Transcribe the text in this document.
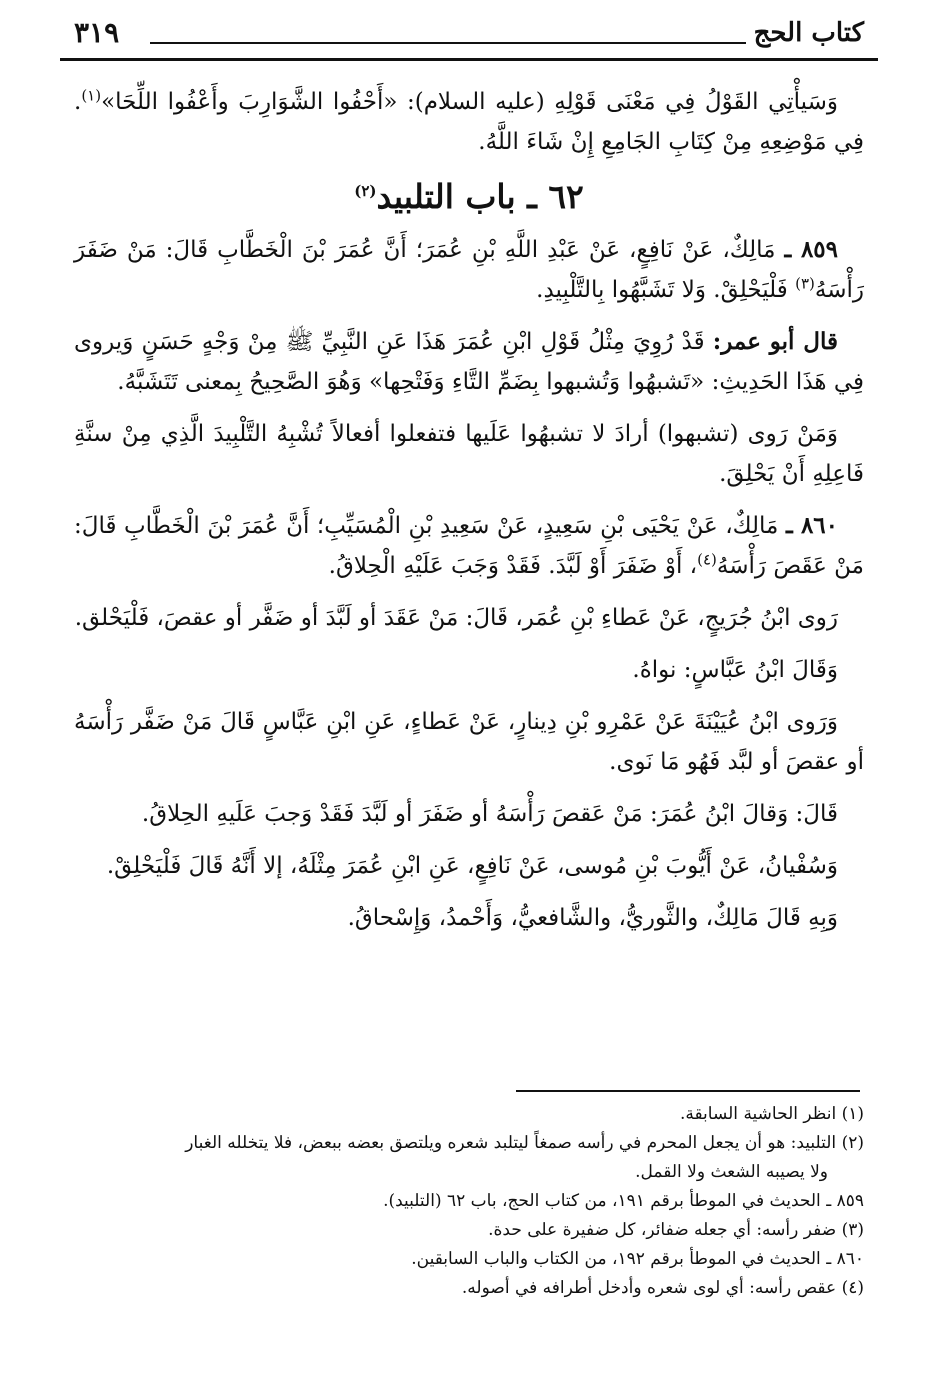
كتاب الحج
٣١٩

وَسَيأْتِي القَوْلُ فِي مَعْنَى قَوْلِهِ (عليه السلام): «أَحْفُوا الشَّوَارِبَ وأَعْفُوا اللِّحَا»$^{(١)}$. فِي مَوْضِعِهِ مِنْ كِتَابِ الجَامِعِ إِنْ شَاءَ اللَّهُ.

٦٢ ـ باب التلبيد$^{(٢)}$

٨٥٩ ـ مَالِكٌ، عَنْ نَافِعٍ، عَنْ عَبْدِ اللَّهِ بْنِ عُمَرَ؛ أَنَّ عُمَرَ بْنَ الْخَطَّابِ قَالَ: مَنْ ضَفَرَ رَأْسَهُ$^{(٣)}$ فَلْيَحْلِقْ. وَلا تَشَبَّهُوا بِالتَّلْبِيدِ.

قال أبو عمر: قَدْ رُوِيَ مِثْلُ قَوْلِ ابْنِ عُمَرَ هَذَا عَنِ النَّبِيِّ ﷺ مِنْ وَجْهٍ حَسَنٍ وَيروى فِي هَذَا الحَدِيثِ: «تَشبهُوا وَتُشبهوا بِضَمِّ التَّاءِ وَفَتْحِها» وَهُوَ الصَّحِيحُ بِمعنى تَتَشَبَّهُ.

وَمَنْ رَوى (تشبهوا) أرادَ لا تشبهُوا عَلَيها فتفعلوا أفعالاً تُشْبِهُ التَّلْبِيدَ الَّذِي مِنْ سنَّةِ فَاعِلِهِ أَنْ يَحْلِقَ.

٨٦٠ ـ مَالِكٌ، عَنْ يَحْيَى بْنِ سَعِيدٍ، عَنْ سَعِيدِ بْنِ الْمُسَيِّبِ؛ أَنَّ عُمَرَ بْنَ الْخَطَّابِ قَالَ: مَنْ عَقَصَ رَأْسَهُ$^{(٤)}$، أَوْ ضَفَرَ أَوْ لَبَّدَ. فَقَدْ وَجَبَ عَلَيْهِ الْحِلاقُ.

رَوى ابْنُ جُرَيجٍ، عَنْ عَطاءِ بْنِ عُمَر، قَالَ: مَنْ عَقَدَ أو لَبَّدَ أو ضَفَّر أو عقصَ، فَلْيَحْلق.

وَقَالَ ابْنُ عَبَّاسٍ: نواهُ.

وَرَوى ابْنُ عُيَيْنَةَ عَنْ عَمْرِو بْنِ دِينارٍ، عَنْ عَطاءٍ، عَنِ ابْنِ عَبَّاسٍ قَالَ مَنْ ضَفَّر رَأْسَهُ أو عقصَ أو لبَّد فَهُو مَا نَوى.

قَالَ: وَقالَ ابْنُ عُمَرَ: مَنْ عَقصَ رَأْسَهُ أو ضَفَرَ أو لَبَّدَ فَقَدْ وَجبَ عَلَيهِ الحِلاقُ.

وَسُفْيانُ، عَنْ أَيُّوبَ بْنِ مُوسى، عَنْ نَافِعٍ، عَنِ ابْنِ عُمَرَ مِثْلَهُ، إلا أَنَّهُ قَالَ فَلْيَحْلِقْ.

وَبِهِ قَالَ مَالِكٌ، والثَّوريُّ، والشَّافعيُّ، وَأَحْمدُ، وَإِسْحاقُ.

(١) انظر الحاشية السابقة.

(٢) التلبيد: هو أن يجعل المحرم في رأسه صمغاً ليتلبد شعره ويلتصق بعضه ببعض، فلا يتخلله الغبار

ولا يصيبه الشعث ولا القمل.

٨٥٩ ـ الحديث في الموطأ برقم ١٩١، من كتاب الحج، باب ٦٢ (التلبيد).

(٣) ضفر رأسه: أي جعله ضفائر، كل ضفيرة على حدة.

٨٦٠ ـ الحديث في الموطأ برقم ١٩٢، من الكتاب والباب السابقين.

(٤) عقص رأسه: أي لوى شعره وأدخل أطرافه في أصوله.
